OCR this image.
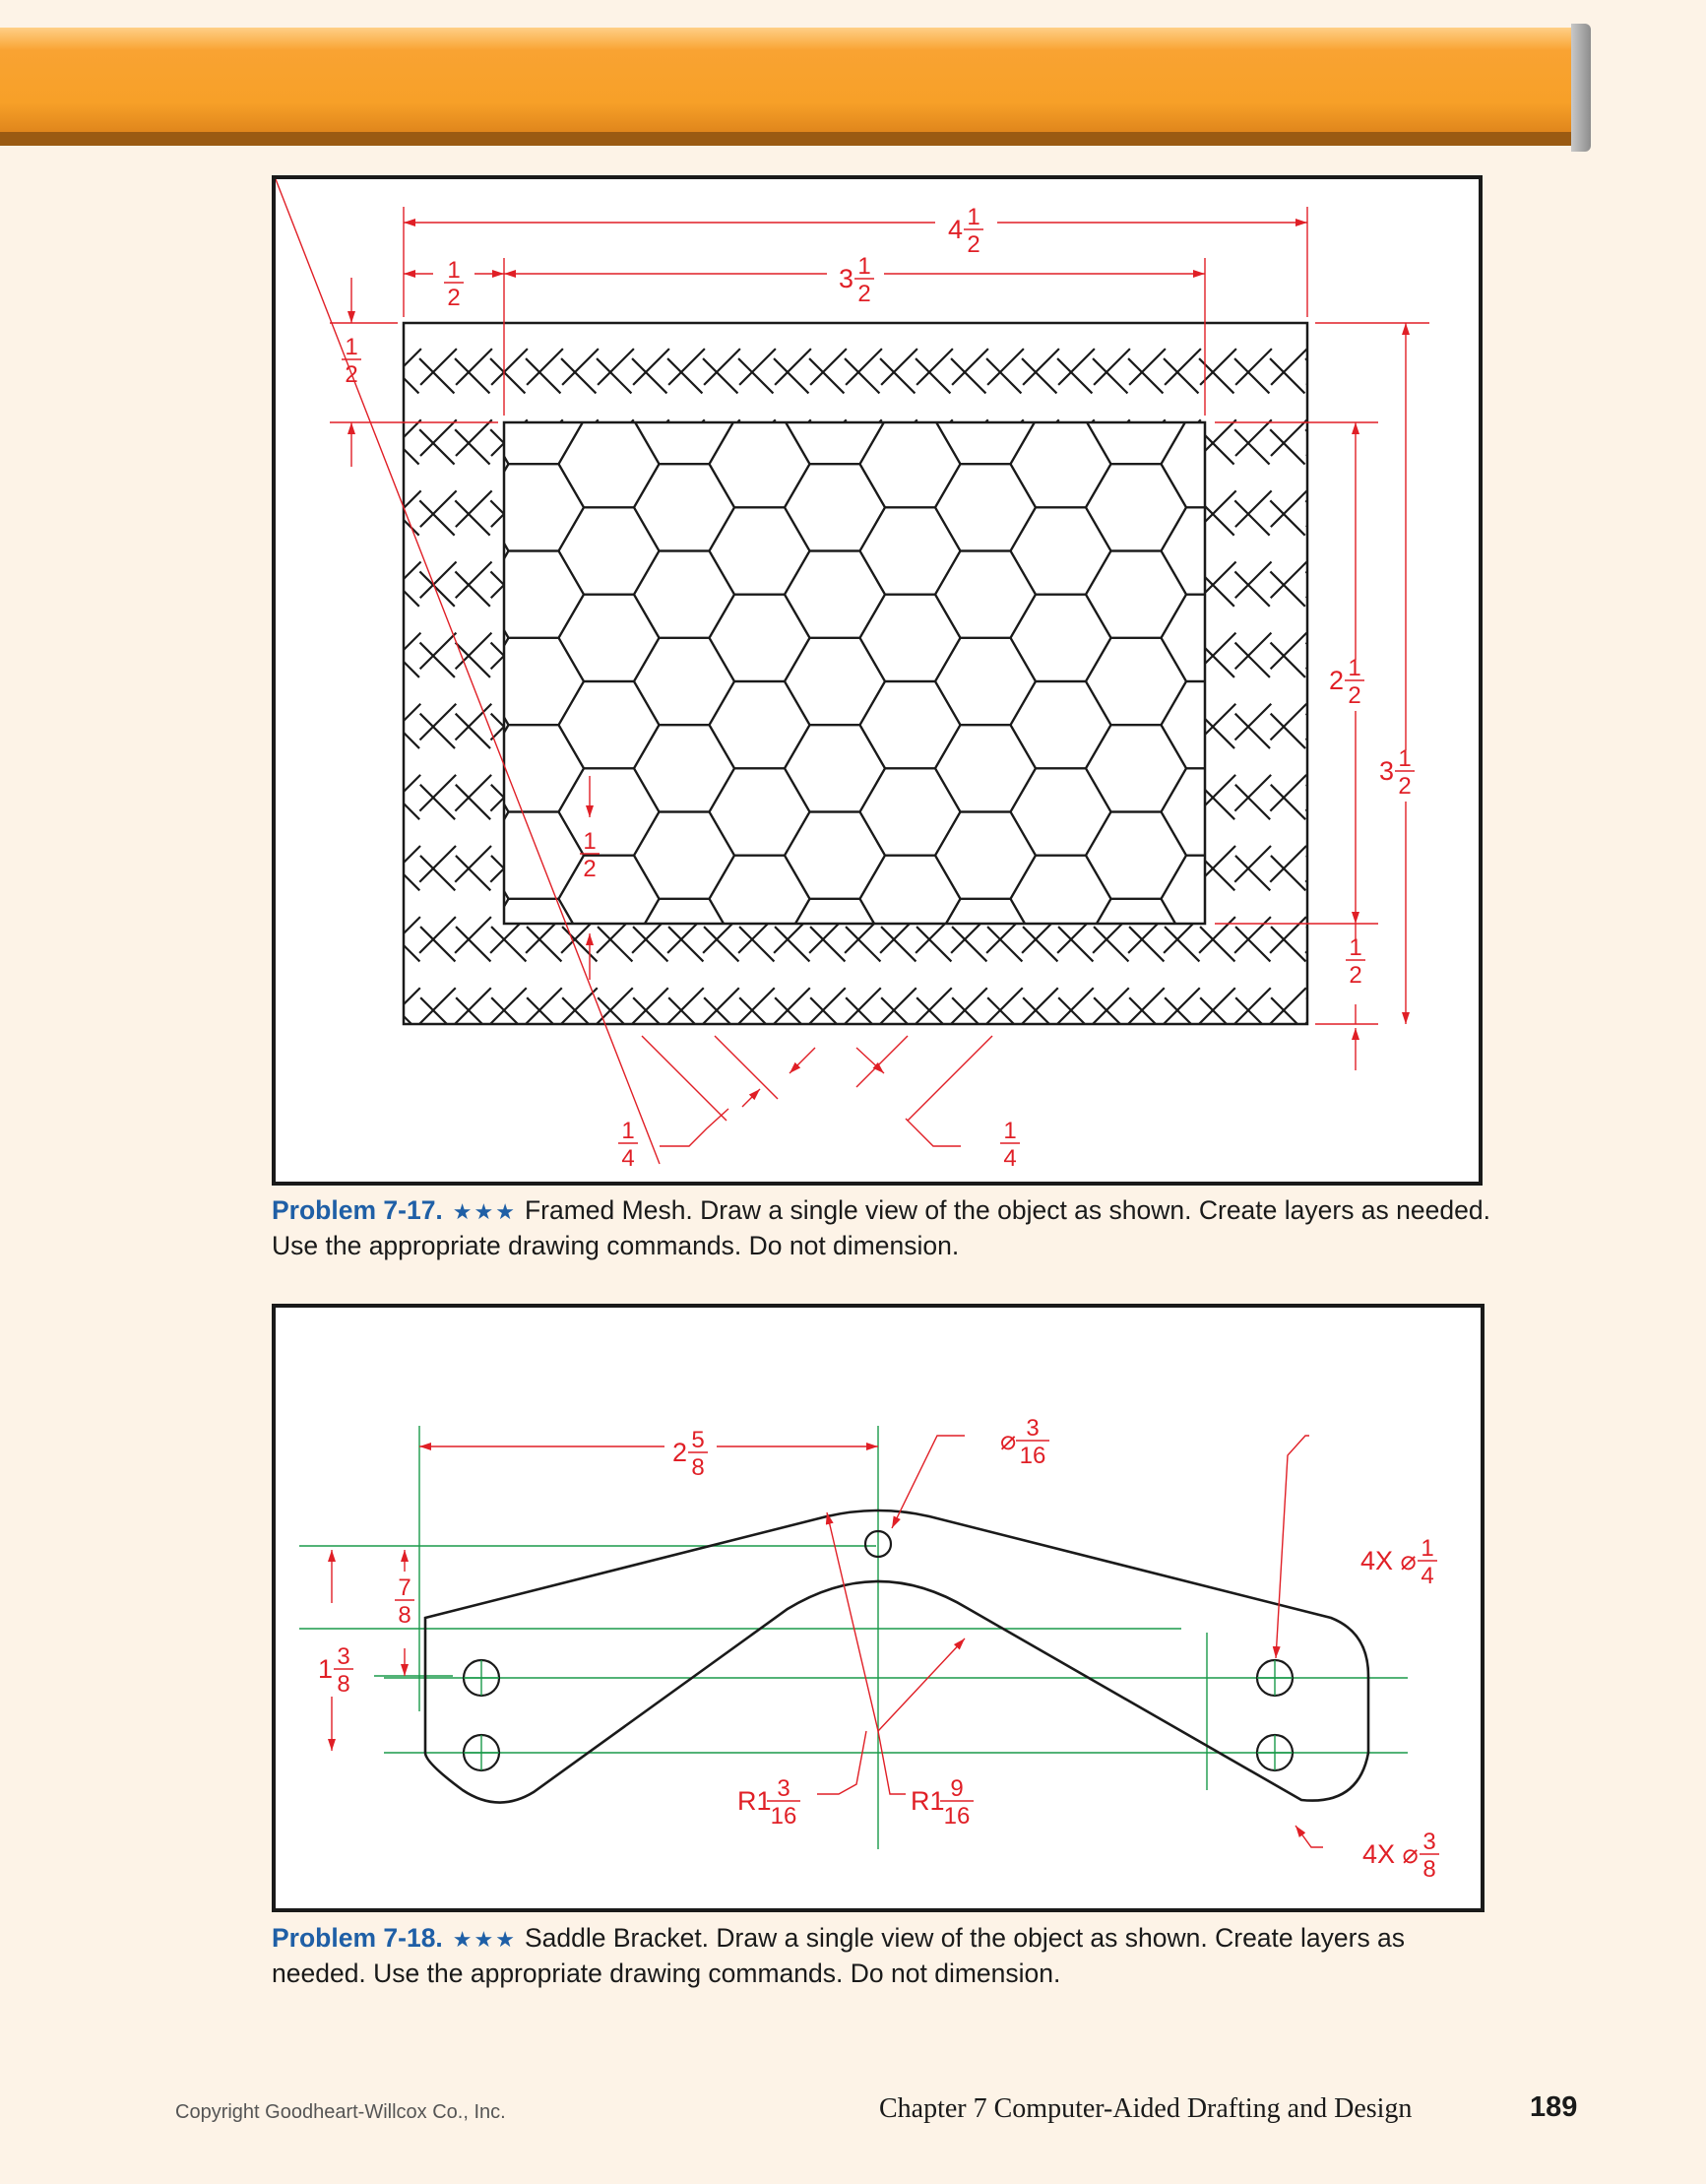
4 1
2
1
2
3 1
2
1
2
2 1
2
3 1
2
1
2
1
2
1
4
1
4
Problem 7-17. ★★★ Framed Mesh. Draw a single view of the object as shown. Create layers as needed. Use the appropriate drawing commands. Do not dimension.
2 5
8
⌀ 3
16
4X ⌀ 1
4
1 3
8
7
8
R1 3
16
R1 9
16
4X ⌀ 3
8
Problem 7-18. ★★★ Saddle Bracket. Draw a single view of the object as shown. Create layers as needed. Use the appropriate drawing commands. Do not dimension.
Copyright Goodheart-Willcox Co., Inc.	Chapter 7 Computer-Aided Drafting and Design	189
